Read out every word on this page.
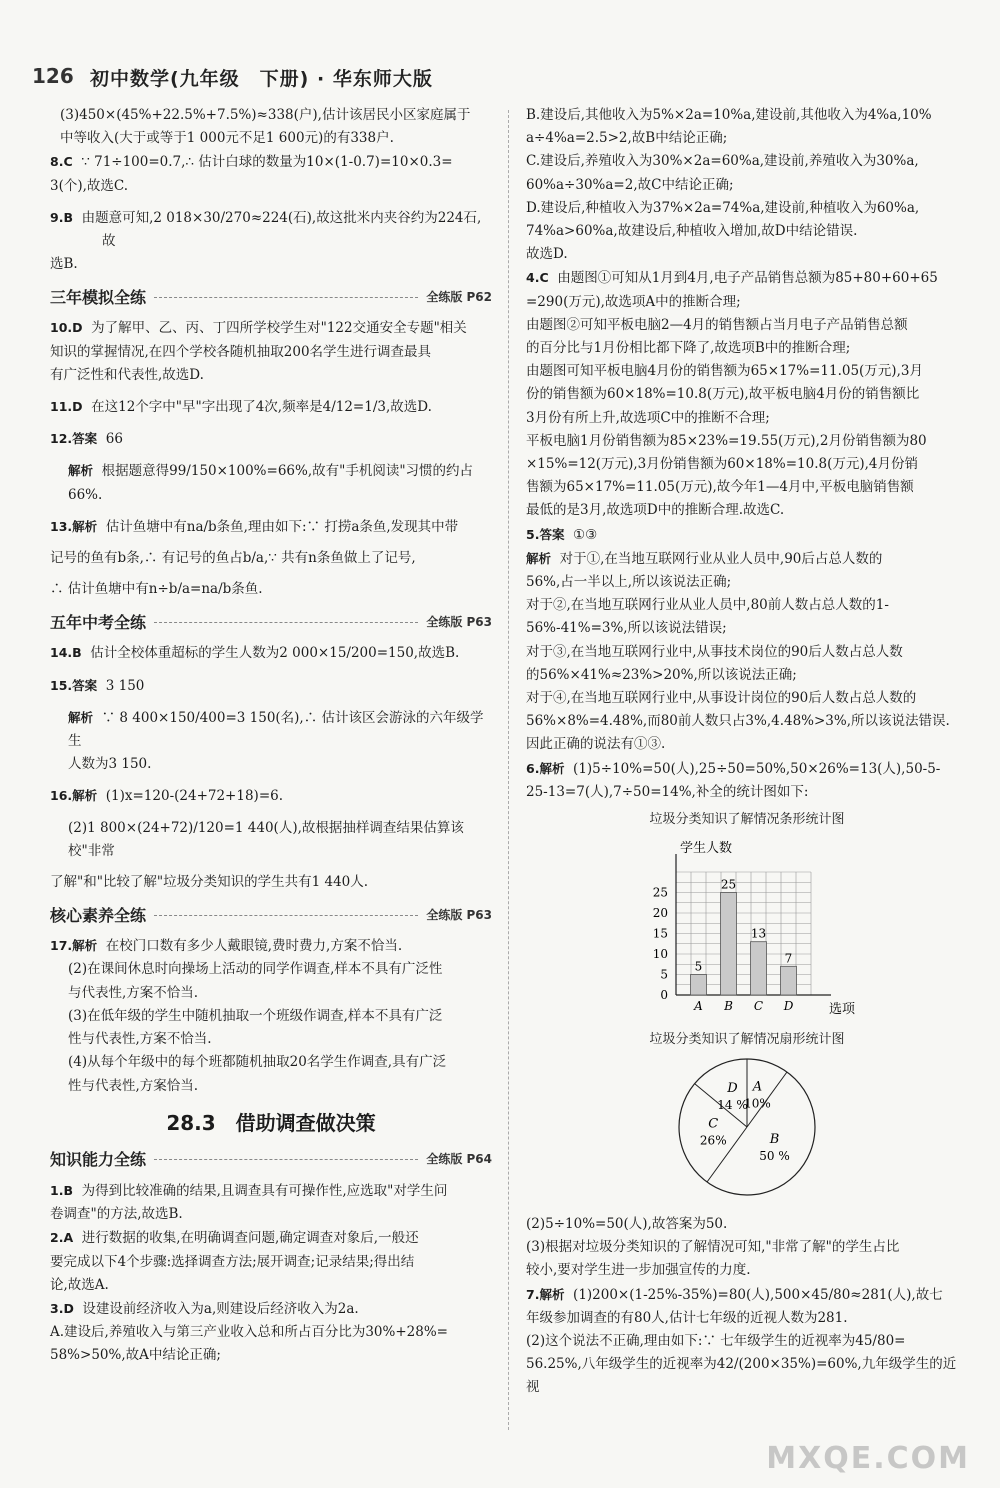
126 初中数学(九年级　下册) · 华东师大版

(3)450×(45%+22.5%+7.5%)≈338(户),估计该居民小区家庭属于

中等收入(大于或等于1 000元不足1 600元)的有338户.

8.C ∵ 71÷100=0.7,∴ 估计白球的数量为10×(1-0.7)=10×0.3=

3(个),故选C.

9.B 由题意可知,2 018×30/270≈224(石),故这批米内夹谷约为224石,故

选B.

三年模拟全练	全练版 P62
10.D 为了解甲、乙、丙、丁四所学校学生对"122交通安全专题"相关

知识的掌握情况,在四个学校各随机抽取200名学生进行调查最具

有广泛性和代表性,故选D.

11.D 在这12个字中"早"字出现了4次,频率是4/12=1/3,故选D.
12.答案 66
解析 根据题意得99/150×100%=66%,故有"手机阅读"习惯的约占66%.
13.解析 估计鱼塘中有na/b条鱼,理由如下:∵ 打捞a条鱼,发现其中带

记号的鱼有b条,∴ 有记号的鱼占b/a,∵ 共有n条鱼做上了记号,

∴ 估计鱼塘中有n÷b/a=na/b条鱼.

五年中考全练	全练版 P63
14.B 估计全校体重超标的学生人数为2 000×15/200=150,故选B.
15.答案 3 150
解析 ∵ 8 400×150/400=3 150(名),∴ 估计该区会游泳的六年级学生

人数为3 150.

16.解析 (1)x=120-(24+72+18)=6.

(2)1 800×(24+72)/120=1 440(人),故根据抽样调查结果估算该校"非常

了解"和"比较了解"垃圾分类知识的学生共有1 440人.

核心素养全练	全练版 P63
17.解析 在校门口数有多少人戴眼镜,费时费力,方案不恰当.

(2)在课间休息时向操场上活动的同学作调查,样本不具有广泛性

与代表性,方案不恰当.

(3)在低年级的学生中随机抽取一个班级作调查,样本不具有广泛

性与代表性,方案不恰当.

(4)从每个年级中的每个班都随机抽取20名学生作调查,具有广泛

性与代表性,方案恰当.

28.3　借助调查做决策
知识能力全练	全练版 P64
1.B 为得到比较准确的结果,且调查具有可操作性,应选取"对学生问

卷调查"的方法,故选B.

2.A 进行数据的收集,在明确调查问题,确定调查对象后,一般还

要完成以下4个步骤:选择调查方法;展开调查;记录结果;得出结

论,故选A.

3.D 设建设前经济收入为a,则建设后经济收入为2a.

A.建设后,养殖收入与第三产业收入总和所占百分比为30%+28%=

58%>50%,故A中结论正确;

B.建设后,其他收入为5%×2a=10%a,建设前,其他收入为4%a,10%

a÷4%a=2.5>2,故B中结论正确;

C.建设后,养殖收入为30%×2a=60%a,建设前,养殖收入为30%a,

60%a÷30%a=2,故C中结论正确;

D.建设后,种植收入为37%×2a=74%a,建设前,种植收入为60%a,

74%a>60%a,故建设后,种植收入增加,故D中结论错误.

故选D.

4.C 由题图①可知从1月到4月,电子产品销售总额为85+80+60+65

=290(万元),故选项A中的推断合理;

由题图②可知平板电脑2—4月的销售额占当月电子产品销售总额

的百分比与1月份相比都下降了,故选项B中的推断合理;

由题图可知平板电脑4月份的销售额为65×17%=11.05(万元),3月

份的销售额为60×18%=10.8(万元),故平板电脑4月份的销售额比

3月份有所上升,故选项C中的推断不合理;

平板电脑1月份销售额为85×23%=19.55(万元),2月份销售额为80

×15%=12(万元),3月份销售额为60×18%=10.8(万元),4月份销

售额为65×17%=11.05(万元),故今年1—4月中,平板电脑销售额

最低的是3月,故选项D中的推断合理.故选C.

5.答案 ①③
解析 对于①,在当地互联网行业从业人员中,90后占总人数的

56%,占一半以上,所以该说法正确;

对于②,在当地互联网行业从业人员中,80前人数占总人数的1-

56%-41%=3%,所以该说法错误;

对于③,在当地互联网行业中,从事技术岗位的90后人数占总人数

的56%×41%≈23%>20%,所以该说法正确;

对于④,在当地互联网行业中,从事设计岗位的90后人数占总人数的

56%×8%=4.48%,而80前人数只占3%,4.48%>3%,所以该说法错误.

因此正确的说法有①③.

6.解析 (1)5÷10%=50(人),25÷50=50%,50×26%=13(人),50-5-

25-13=7(人),7÷50=14%,补全的统计图如下:

垃圾分类知识了解情况条形统计图
学生人数
选项
0
5
10
15
20
25
5
A
25
B
13
C
7
D
垃圾分类知识了解情况扇形统计图
A
10%
B
50 %
C
26%
D
14 %

(2)5÷10%=50(人),故答案为50.

(3)根据对垃圾分类知识的了解情况可知,"非常了解"的学生占比

较小,要对学生进一步加强宣传的力度.

7.解析 (1)200×(1-25%-35%)=80(人),500×45/80≈281(人),故七

年级参加调查的有80人,估计七年级的近视人数为281.

(2)这个说法不正确,理由如下:∵ 七年级学生的近视率为45/80=

56.25%,八年级学生的近视率为42/(200×35%)=60%,九年级学生的近视

MXQE.COM
